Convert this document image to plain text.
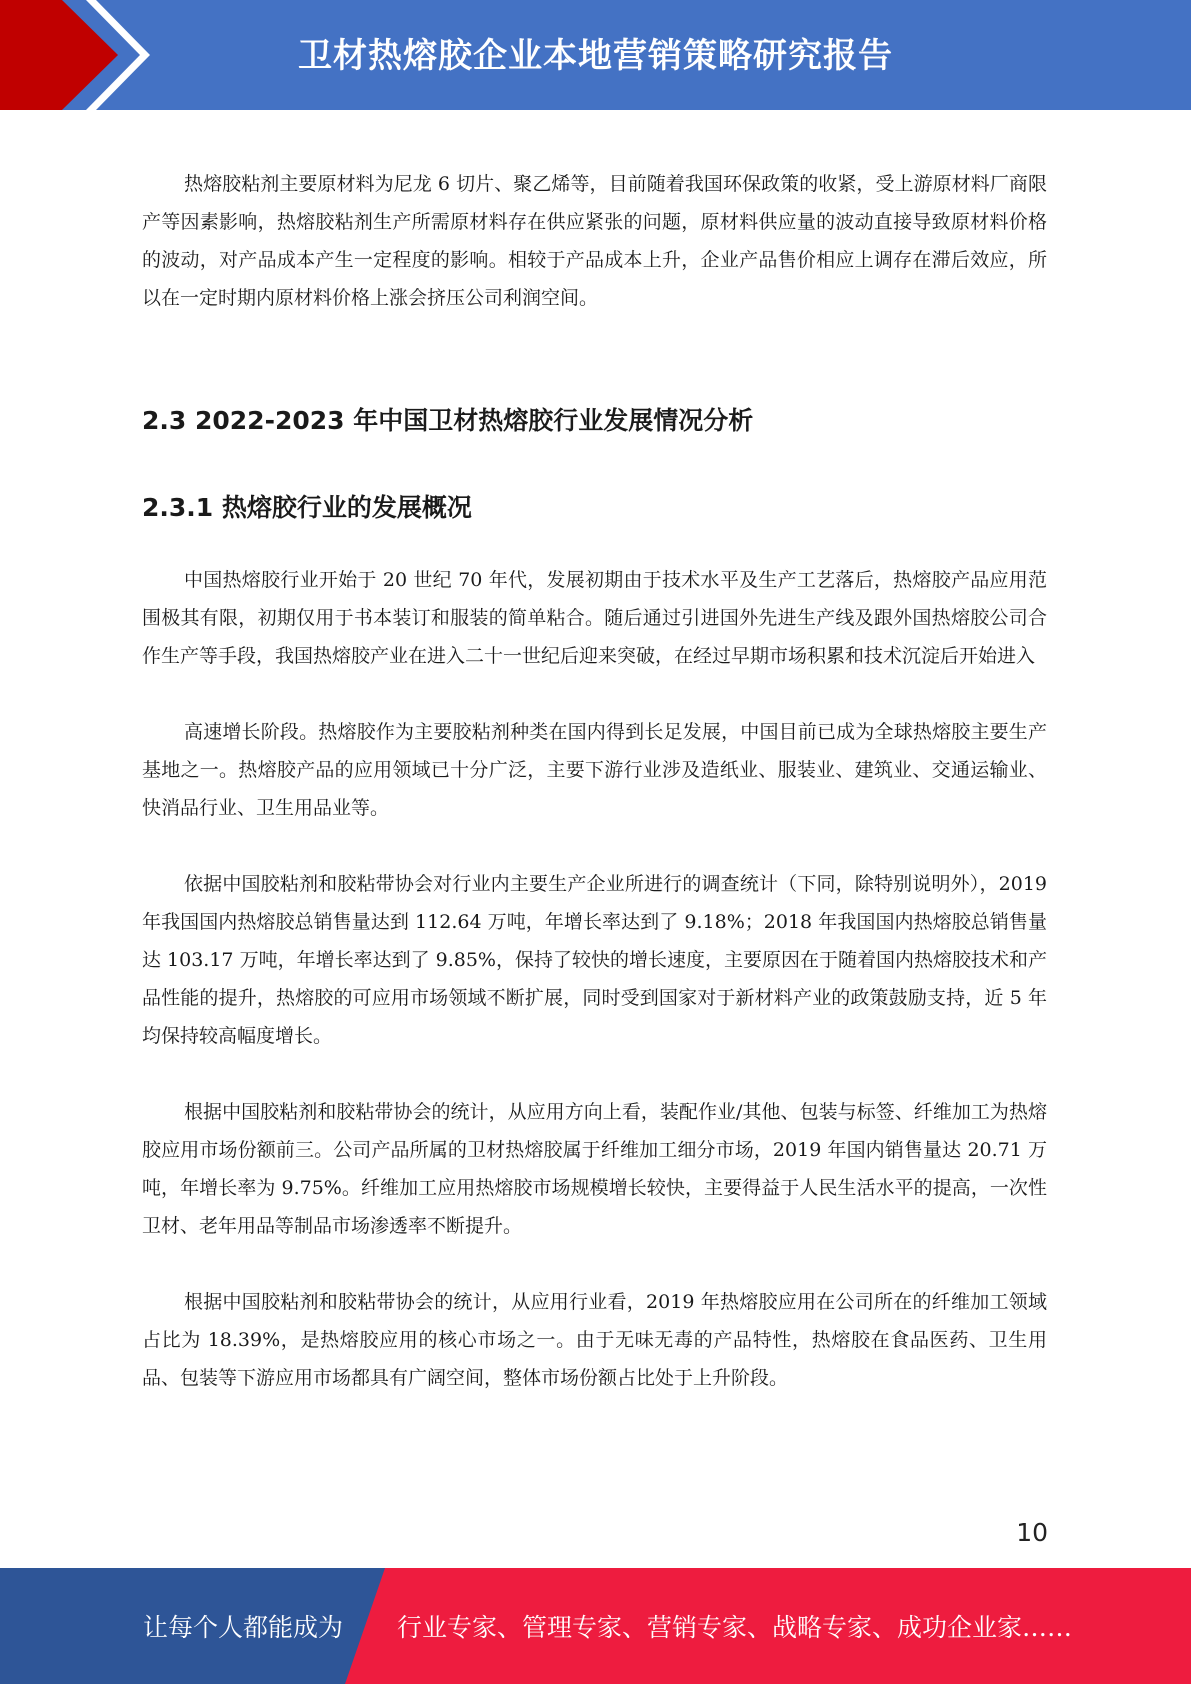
卫材热熔胶企业本地营销策略研究报告

热熔胶粘剂主要原材料为尼龙 6 切片、聚乙烯等，目前随着我国环保政策的收紧，受上游原材料厂商限产等因素影响，热熔胶粘剂生产所需原材料存在供应紧张的问题，原材料供应量的波动直接导致原材料价格的波动，对产品成本产生一定程度的影响。相较于产品成本上升，企业产品售价相应上调存在滞后效应，所以在一定时期内原材料价格上涨会挤压公司利润空间。

2.3 2022-2023 年中国卫材热熔胶行业发展情况分析
2.3.1 热熔胶行业的发展概况

中国热熔胶行业开始于 20 世纪 70 年代，发展初期由于技术水平及生产工艺落后，热熔胶产品应用范围极其有限，初期仅用于书本装订和服装的简单粘合。随后通过引进国外先进生产线及跟外国热熔胶公司合作生产等手段，我国热熔胶产业在进入二十一世纪后迎来突破，在经过早期市场积累和技术沉淀后开始进入

高速增长阶段。热熔胶作为主要胶粘剂种类在国内得到长足发展，中国目前已成为全球热熔胶主要生产基地之一。热熔胶产品的应用领域已十分广泛，主要下游行业涉及造纸业、服装业、建筑业、交通运输业、快消品行业、卫生用品业等。

依据中国胶粘剂和胶粘带协会对行业内主要生产企业所进行的调查统计（下同，除特别说明外），2019 年我国国内热熔胶总销售量达到 112.64 万吨，年增长率达到了 9.18%；2018 年我国国内热熔胶总销售量达 103.17 万吨，年增长率达到了 9.85%，保持了较快的增长速度，主要原因在于随着国内热熔胶技术和产品性能的提升，热熔胶的可应用市场领域不断扩展，同时受到国家对于新材料产业的政策鼓励支持，近 5 年均保持较高幅度增长。

根据中国胶粘剂和胶粘带协会的统计，从应用方向上看，装配作业/其他、包装与标签、纤维加工为热熔胶应用市场份额前三。公司产品所属的卫材热熔胶属于纤维加工细分市场，2019 年国内销售量达 20.71 万吨，年增长率为 9.75%。纤维加工应用热熔胶市场规模增长较快，主要得益于人民生活水平的提高，一次性卫材、老年用品等制品市场渗透率不断提升。

根据中国胶粘剂和胶粘带协会的统计，从应用行业看，2019 年热熔胶应用在公司所在的纤维加工领域占比为 18.39%，是热熔胶应用的核心市场之一。由于无味无毒的产品特性，热熔胶在食品医药、卫生用品、包装等下游应用市场都具有广阔空间，整体市场份额占比处于上升阶段。

10
让每个人都能成为 行业专家、管理专家、营销专家、战略专家、成功企业家……
